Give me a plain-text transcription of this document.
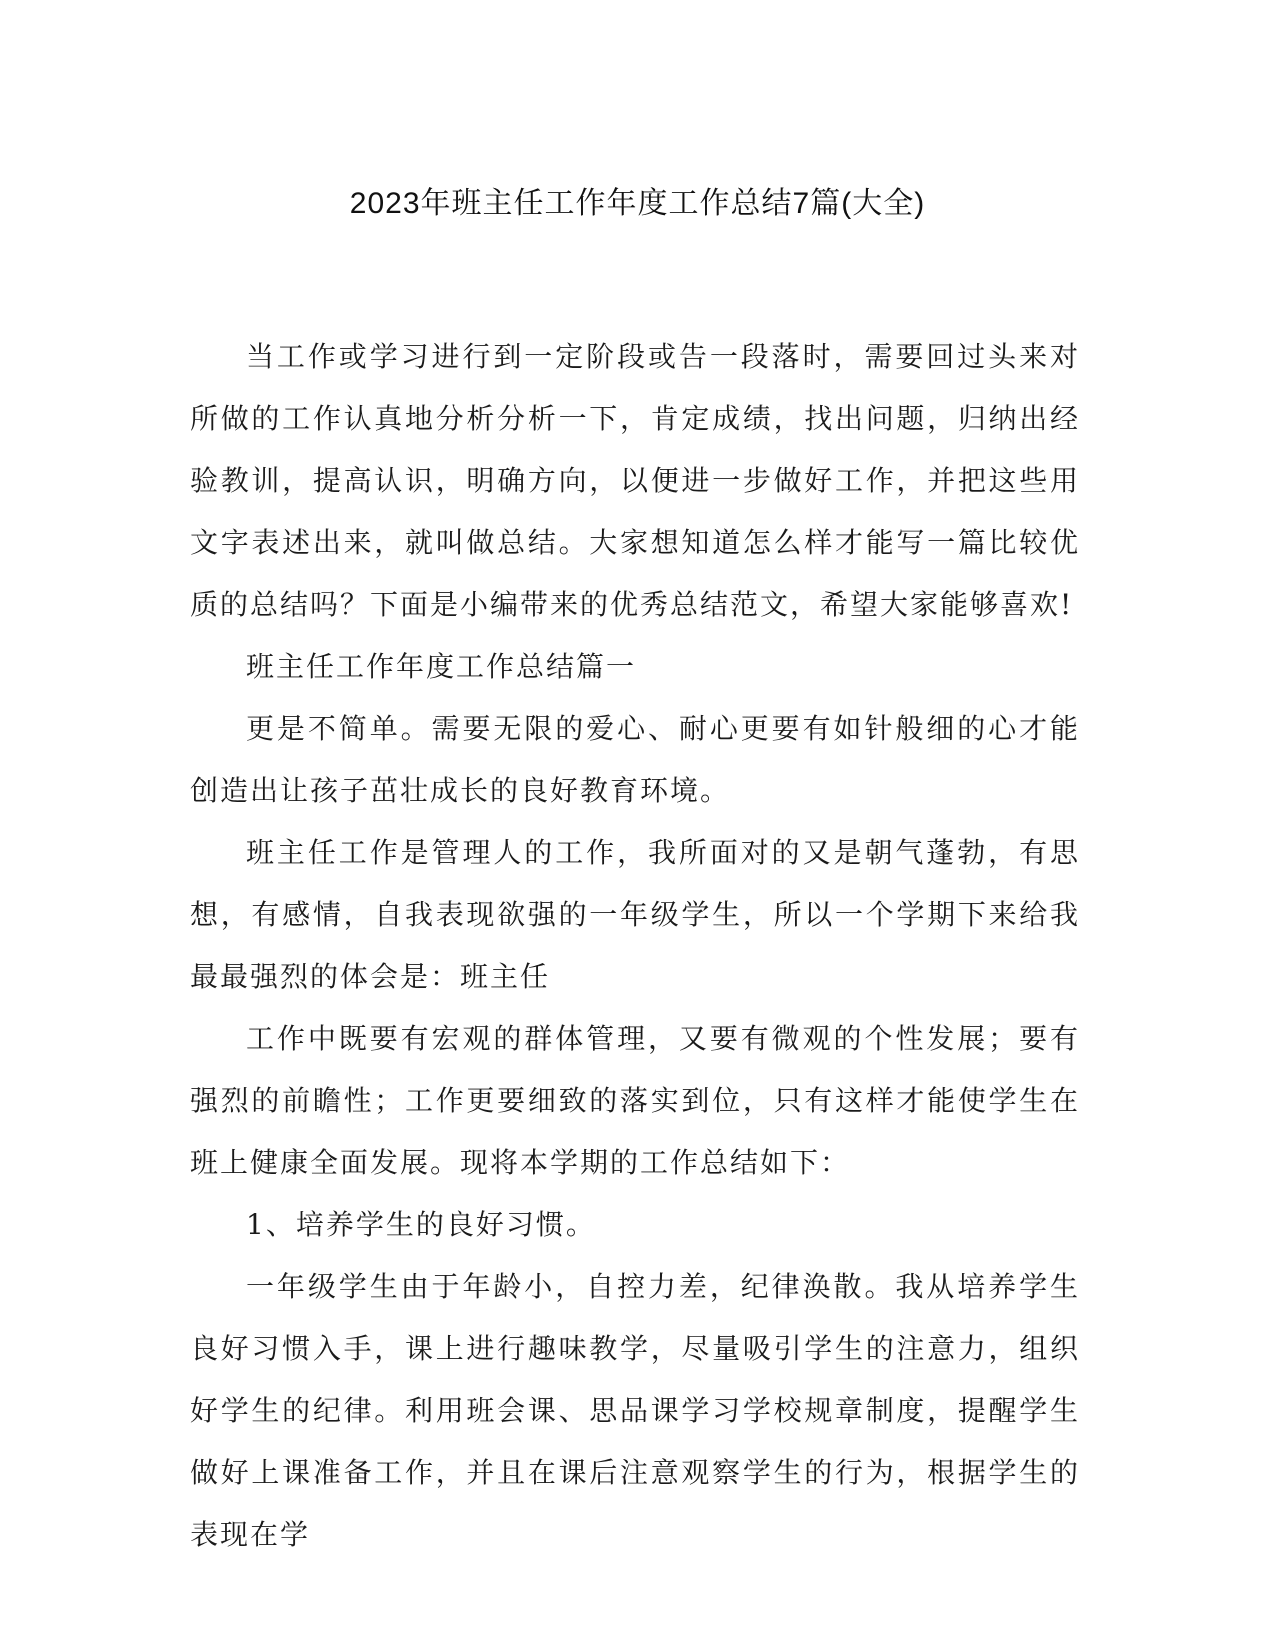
2023年班主任工作年度工作总结7篇(大全)

当工作或学习进行到一定阶段或告一段落时，需要回过头来对所做的工作认真地分析分析一下，肯定成绩，找出问题，归纳出经验教训，提高认识，明确方向，以便进一步做好工作，并把这些用文字表述出来，就叫做总结。大家想知道怎么样才能写一篇比较优质的总结吗？下面是小编带来的优秀总结范文，希望大家能够喜欢!

班主任工作年度工作总结篇一

更是不简单。需要无限的爱心、耐心更要有如针般细的心才能创造出让孩子茁壮成长的良好教育环境。

班主任工作是管理人的工作，我所面对的又是朝气蓬勃，有思想，有感情，自我表现欲强的一年级学生，所以一个学期下来给我最最强烈的体会是：班主任

工作中既要有宏观的群体管理，又要有微观的个性发展；要有强烈的前瞻性；工作更要细致的落实到位，只有这样才能使学生在班上健康全面发展。现将本学期的工作总结如下：

1、培养学生的良好习惯。

一年级学生由于年龄小，自控力差，纪律涣散。我从培养学生良好习惯入手，课上进行趣味教学，尽量吸引学生的注意力，组织好学生的纪律。利用班会课、思品课学习学校规章制度，提醒学生做好上课准备工作，并且在课后注意观察学生的行为，根据学生的表现在学
